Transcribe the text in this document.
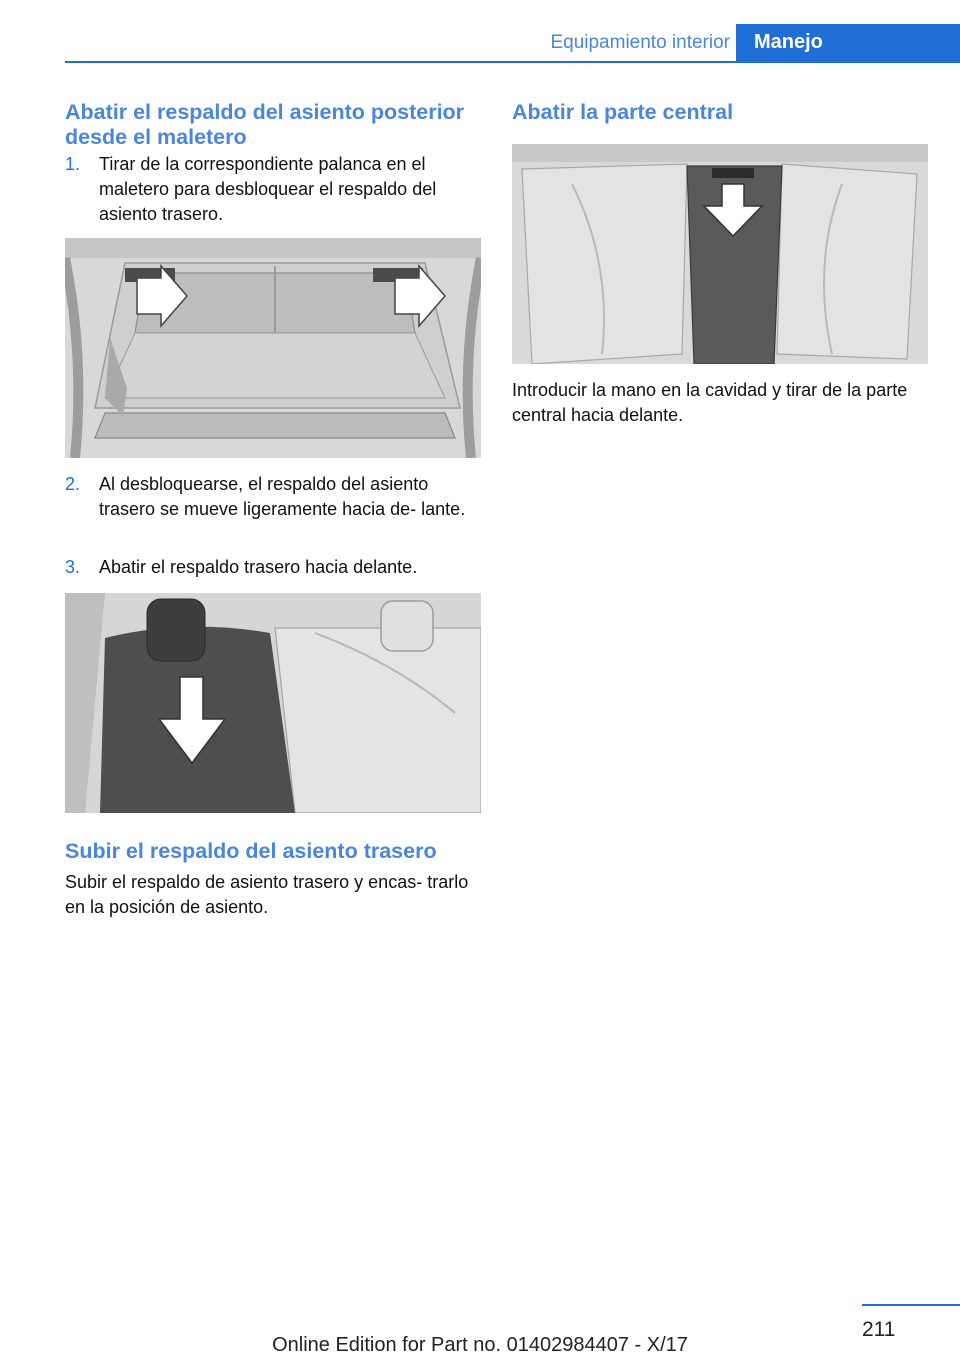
Equipamiento interior	Manejo
Abatir el respaldo del asiento posterior desde el maletero
1. Tirar de la correspondiente palanca en el maletero para desbloquear el respaldo del asiento trasero.
2. Al desbloquearse, el respaldo del asiento trasero se mueve ligeramente hacia de‐ lante.
3. Abatir el respaldo trasero hacia delante.
Subir el respaldo del asiento trasero

Subir el respaldo de asiento trasero y encas‐ trarlo en la posición de asiento.

Abatir la parte central

Introducir la mano en la cavidad y tirar de la parte central hacia delante.

211
Online Edition for Part no. 01402984407 - X/17
